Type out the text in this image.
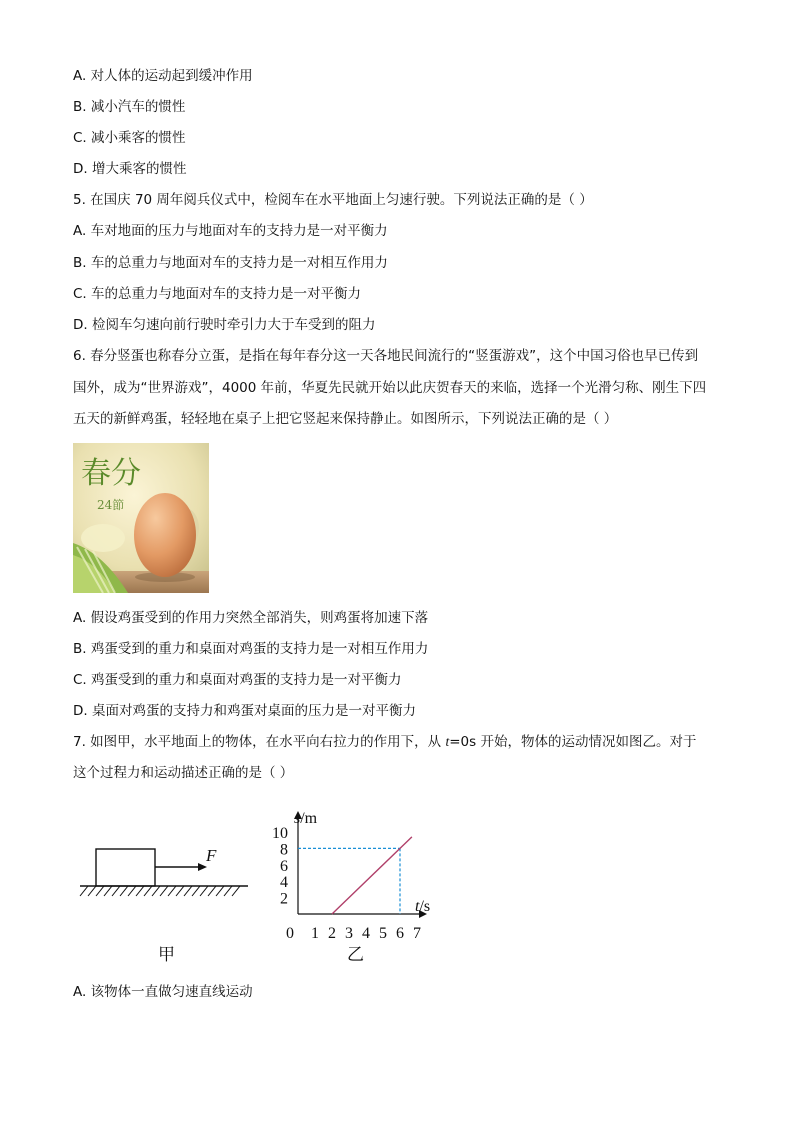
A. 对人体的运动起到缓冲作用
B. 减小汽车的惯性
C. 减小乘客的惯性
D. 增大乘客的惯性
5. 在国庆 70 周年阅兵仪式中，检阅车在水平地面上匀速行驶。下列说法正确的是（ ）
A. 车对地面的压力与地面对车的支持力是一对平衡力
B. 车的总重力与地面对车的支持力是一对相互作用力
C. 车的总重力与地面对车的支持力是一对平衡力
D. 检阅车匀速向前行驶时牵引力大于车受到的阻力
6. 春分竖蛋也称春分立蛋，是指在每年春分这一天各地民间流行的“竖蛋游戏”，这个中国习俗也早已传到
国外，成为“世界游戏”，4000 年前，华夏先民就开始以此庆贺春天的来临，选择一个光滑匀称、刚生下四
五天的新鲜鸡蛋，轻轻地在桌子上把它竖起来保持静止。如图所示，下列说法正确的是（ ）
春分
24節
A. 假设鸡蛋受到的作用力突然全部消失，则鸡蛋将加速下落
B. 鸡蛋受到的重力和桌面对鸡蛋的支持力是一对相互作用力
C. 鸡蛋受到的重力和桌面对鸡蛋的支持力是一对平衡力
D. 桌面对鸡蛋的支持力和鸡蛋对桌面的压力是一对平衡力
7. 如图甲，水平地面上的物体，在水平向右拉力的作用下，从 t=0s 开始，物体的运动情况如图乙。对于
这个过程力和运动描述正确的是（ ）
F
甲
s/m
t/s
0 1 2 3 4 5 6 7
2
4
6
8
10
乙
A. 该物体一直做匀速直线运动
